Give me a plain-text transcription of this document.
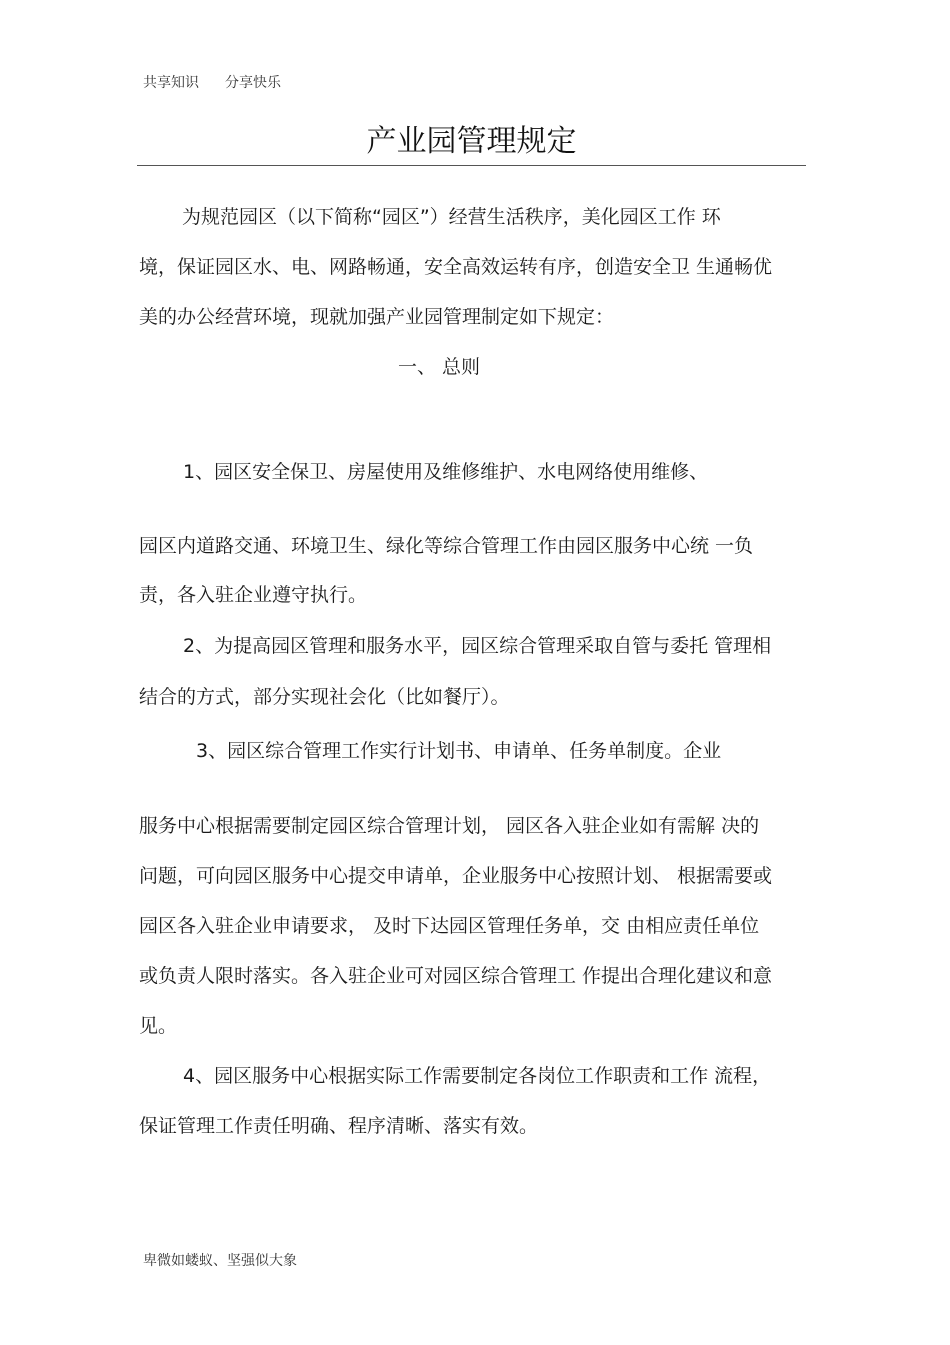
共享知识 分享快乐
产业园管理规定
为规范园区（以下简称“园区”）经营生活秩序，美化园区工作 环
境，保证园区水、电、网路畅通，安全高效运转有序，创造安全卫 生通畅优
美的办公经营环境，现就加强产业园管理制定如下规定：
一、 总则
1、园区安全保卫、房屋使用及维修维护、水电网络使用维修、
园区内道路交通、环境卫生、绿化等综合管理工作由园区服务中心统 一负
责，各入驻企业遵守执行。
2、为提高园区管理和服务水平，园区综合管理采取自管与委托 管理相
结合的方式，部分实现社会化（比如餐厅）。
3、园区综合管理工作实行计划书、申请单、任务单制度。企业
服务中心根据需要制定园区综合管理计划， 园区各入驻企业如有需解 决的
问题，可向园区服务中心提交申请单，企业服务中心按照计划、 根据需要或
园区各入驻企业申请要求， 及时下达园区管理任务单，交 由相应责任单位
或负责人限时落实。各入驻企业可对园区综合管理工 作提出合理化建议和意
见。
4、园区服务中心根据实际工作需要制定各岗位工作职责和工作 流程，
保证管理工作责任明确、程序清晰、落实有效。
卑微如蝼蚁、坚强似大象
